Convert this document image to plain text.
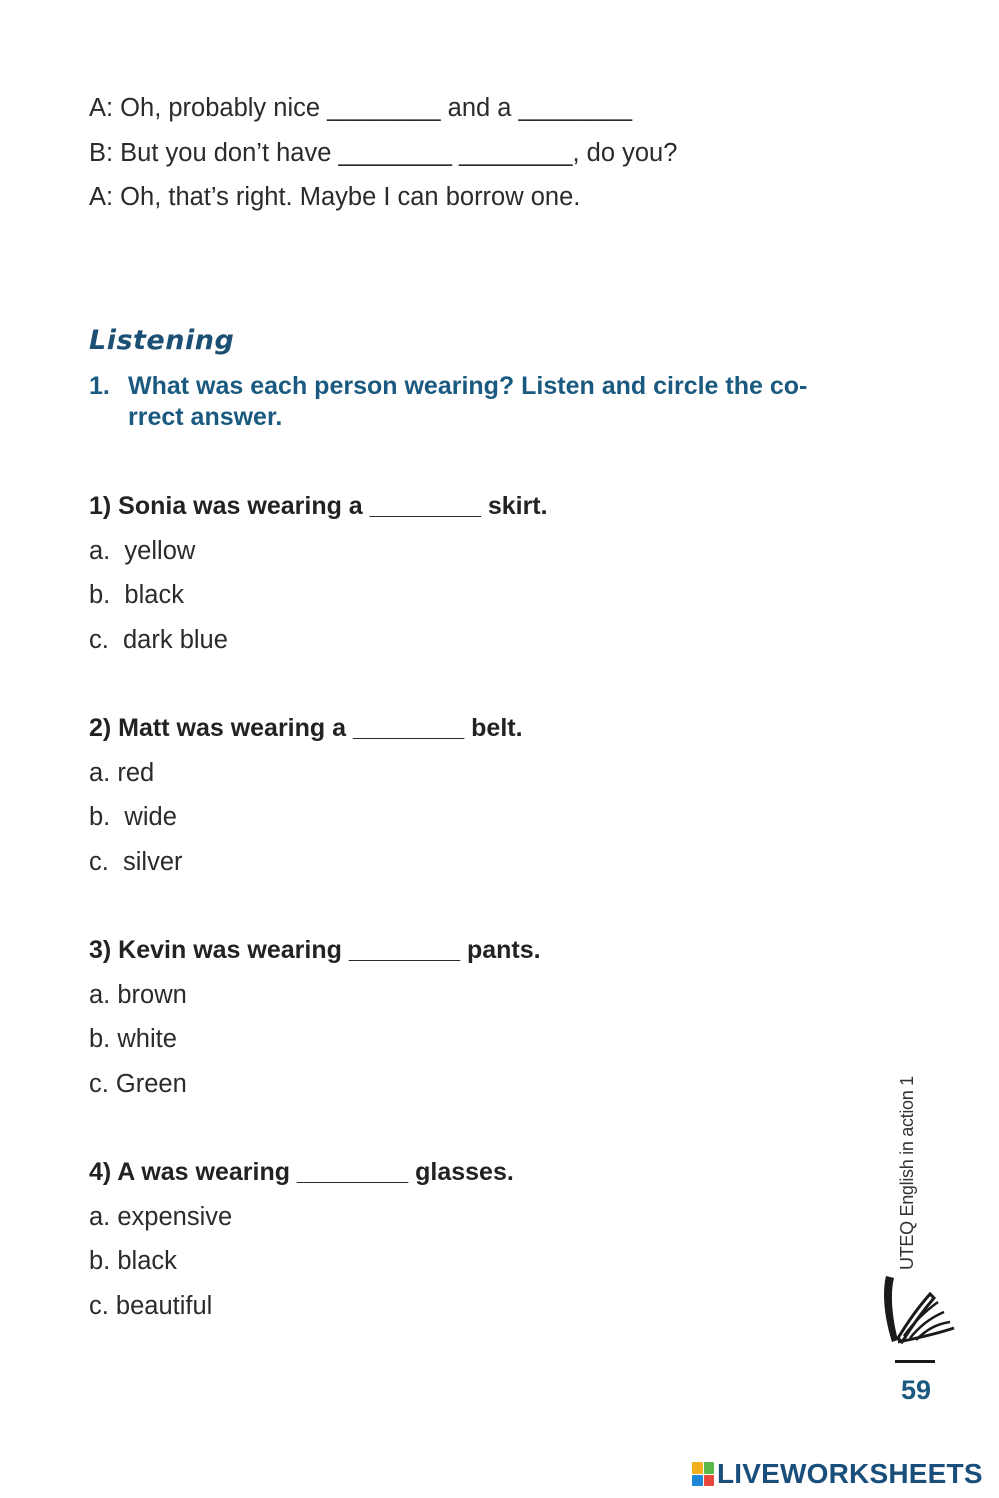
A: Oh, probably nice ________ and a ________
B: But you don’t have ________ ________, do you?
A: Oh, that’s right. Maybe I can borrow one.
Listening
1. What was each person wearing? Listen and circle the co-
rrect answer.
1) Sonia was wearing a ________ skirt.
a.  yellow
b.  black
c.  dark blue
2) Matt was wearing a ________ belt.
a. red
b.  wide
c.  silver
3) Kevin was wearing ________ pants.
a. brown
b. white
c. Green
4) A was wearing ________ glasses.
a. expensive
b. black
c. beautiful
UTEQ English in action 1
59
LIVEWORKSHEETS
